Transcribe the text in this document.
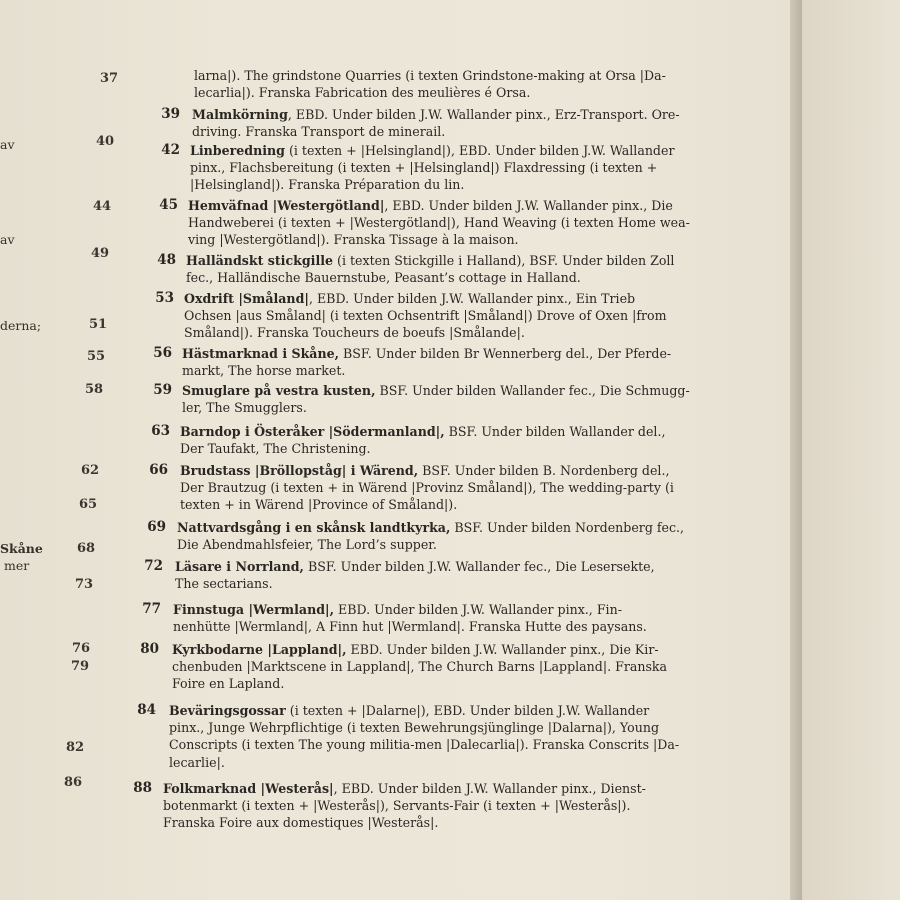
av
av
derna;
Skåne
mer
37
40
44
49
51
55
58
62
65
68
73
76
79
82
86
larna|). The grindstone Quarries (i texten Grindstone-making at Orsa |Da-
lecarlia|). Franska Fabrication des meulières é Orsa.
39 Malmkörning, EBD. Under bilden J.W. Wallander pinx., Erz-Transport. Ore-
driving. Franska Transport de minerail.
42 Linberedning (i texten + |Helsingland|), EBD. Under bilden J.W. Wallander
pinx., Flachsbereitung (i texten + |Helsingland|) Flaxdressing (i texten +
|Helsingland|). Franska Préparation du lin.
45 Hemväfnad |Westergötland|, EBD. Under bilden J.W. Wallander pinx., Die
Handweberei (i texten + |Westergötland|), Hand Weaving (i texten Home wea-
ving |Westergötland|). Franska Tissage à la maison.
48 Halländskt stickgille (i texten Stickgille i Halland), BSF. Under bilden Zoll
fec., Halländische Bauernstube, Peasant’s cottage in Halland.
53 Oxdrift |Småland|, EBD. Under bilden J.W. Wallander pinx., Ein Trieb
Ochsen |aus Småland| (i texten Ochsentrift |Småland|) Drove of Oxen |from
Småland|). Franska Toucheurs de boeufs |Smålande|.
56 Hästmarknad i Skåne, BSF. Under bilden Br Wennerberg del., Der Pferde-
markt, The horse market.
59 Smuglare på vestra kusten, BSF. Under bilden Wallander fec., Die Schmugg-
ler, The Smugglers.
63 Barndop i Österåker |Södermanland|, BSF. Under bilden Wallander del.,
Der Taufakt, The Christening.
66 Brudstass |Bröllopståg| i Wärend, BSF. Under bilden B. Nordenberg del.,
Der Brautzug (i texten + in Wärend |Provinz Småland|), The wedding-party (i
texten + in Wärend |Province of Småland|).
69 Nattvardsgång i en skånsk landtkyrka, BSF. Under bilden Nordenberg fec.,
Die Abendmahlsfeier, The Lord’s supper.
72 Läsare i Norrland, BSF. Under bilden J.W. Wallander fec., Die Lesersekte,
The sectarians.
77 Finnstuga |Wermland|, EBD. Under bilden J.W. Wallander pinx., Fin-
nenhütte |Wermland|, A Finn hut |Wermland|. Franska Hutte des paysans.
80 Kyrkbodarne |Lappland|, EBD. Under bilden J.W. Wallander pinx., Die Kir-
chenbuden |Marktscene in Lappland|, The Church Barns |Lappland|. Franska
Foire en Lapland.
84 Beväringsgossar (i texten + |Dalarne|), EBD. Under bilden J.W. Wallander
pinx., Junge Wehrpflichtige (i texten Bewehrungsjünglinge |Dalarna|), Young
Conscripts (i texten The young militia-men |Dalecarlia|). Franska Conscrits |Da-
lecarlie|.
88 Folkmarknad |Westerås|, EBD. Under bilden J.W. Wallander pinx., Dienst-
botenmarkt (i texten + |Westerås|), Servants-Fair (i texten + |Westerås|).
Franska Foire aux domestiques |Westerås|.
